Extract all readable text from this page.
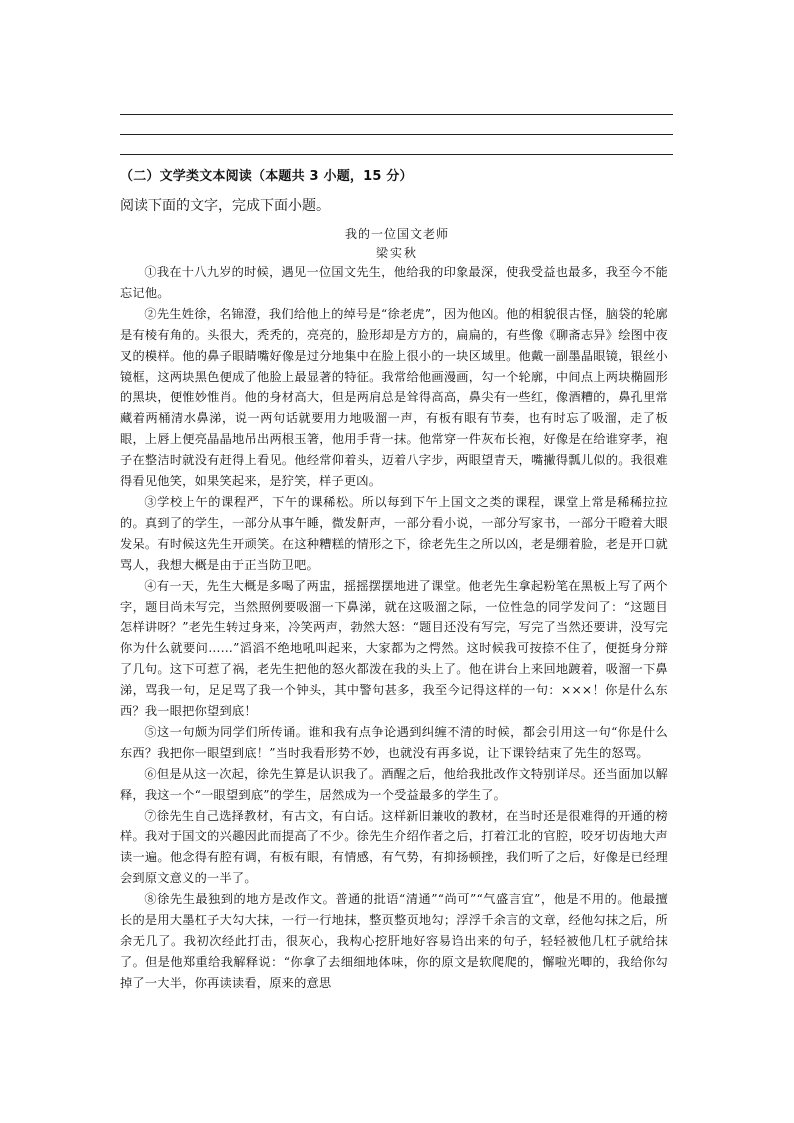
（二）文学类文本阅读（本题共 3 小题，15 分）
阅读下面的文字，完成下面小题。
我的一位国文老师
梁实秋

①我在十八九岁的时候，遇见一位国文先生，他给我的印象最深，使我受益也最多，我至今不能忘记他。

②先生姓徐，名锦澄，我们给他上的绰号是“徐老虎”，因为他凶。他的相貌很古怪，脑袋的轮廓是有棱有角的。头很大，秃秃的，亮亮的，脸形却是方方的，扁扁的，有些像《聊斋志异》绘图中夜叉的模样。他的鼻子眼睛嘴好像是过分地集中在脸上很小的一块区域里。他戴一副墨晶眼镜，银丝小镜框，这两块黑色便成了他脸上最显著的特征。我常给他画漫画，勾一个轮廓，中间点上两块椭圆形的黑块，便惟妙惟肖。他的身材高大，但是两肩总是耸得高高，鼻尖有一些红，像酒糟的，鼻孔里常藏着两桶清水鼻涕，说一两句话就要用力地吸溜一声，有板有眼有节奏，也有时忘了吸溜，走了板眼，上唇上便亮晶晶地吊出两根玉箸，他用手背一抹。他常穿一件灰布长袍，好像是在给谁穿孝，袍子在整洁时就没有赶得上看见。他经常仰着头，迈着八字步，两眼望青天，嘴撇得瓢儿似的。我很难得看见他笑，如果笑起来，是狞笑，样子更凶。

③学校上午的课程严，下午的课稀松。所以每到下午上国文之类的课程，课堂上常是稀稀拉拉的。真到了的学生，一部分从事午睡，微发鼾声，一部分看小说，一部分写家书，一部分干瞪着大眼发呆。有时候这先生开顽笑。在这种糟糕的情形之下，徐老先生之所以凶，老是绷着脸，老是开口就骂人，我想大概是由于正当防卫吧。

④有一天，先生大概是多喝了两盅，摇摇摆摆地进了课堂。他老先生拿起粉笔在黑板上写了两个字，题目尚未写完，当然照例要吸溜一下鼻涕，就在这吸溜之际，一位性急的同学发问了：“这题目怎样讲呀？”老先生转过身来，冷笑两声，勃然大怒：“题目还没有写完，写完了当然还要讲，没写完你为什么就要问……”滔滔不绝地吼叫起来，大家都为之愕然。这时候我可按捺不住了，便挺身分辩了几句。这下可惹了祸，老先生把他的怒火都泼在我的头上了。他在讲台上来回地踱着，吸溜一下鼻涕，骂我一句，足足骂了我一个钟头，其中警句甚多，我至今记得这样的一句：×××！你是什么东西？我一眼把你望到底！

⑤这一句颇为同学们所传诵。谁和我有点争论遇到纠缠不清的时候，都会引用这一句“你是什么东西？我把你一眼望到底！”当时我看形势不妙，也就没有再多说，让下课铃结束了先生的怒骂。

⑥但是从这一次起，徐先生算是认识我了。酒醒之后，他给我批改作文特别详尽。还当面加以解释，我这一个“一眼望到底”的学生，居然成为一个受益最多的学生了。

⑦徐先生自己选择教材，有古文，有白话。这样新旧兼收的教材，在当时还是很难得的开通的榜样。我对于国文的兴趣因此而提高了不少。徐先生介绍作者之后，打着江北的官腔，咬牙切齿地大声读一遍。他念得有腔有调，有板有眼，有情感，有气势，有抑扬顿挫，我们听了之后，好像是已经理会到原文意义的一半了。

⑧徐先生最独到的地方是改作文。普通的批语“清通”“尚可”“气盛言宜”，他是不用的。他最擅长的是用大墨杠子大勾大抹，一行一行地抹，整页整页地勾；浮浮千余言的文章，经他勾抹之后，所余无几了。我初次经此打击，很灰心，我构心挖肝地好容易诌出来的句子，轻轻被他几杠子就给抹了。但是他郑重给我解释说：“你拿了去细细地体味，你的原文是软爬爬的，懈啦光唧的，我给你勾掉了一大半，你再读读看，原来的意思
